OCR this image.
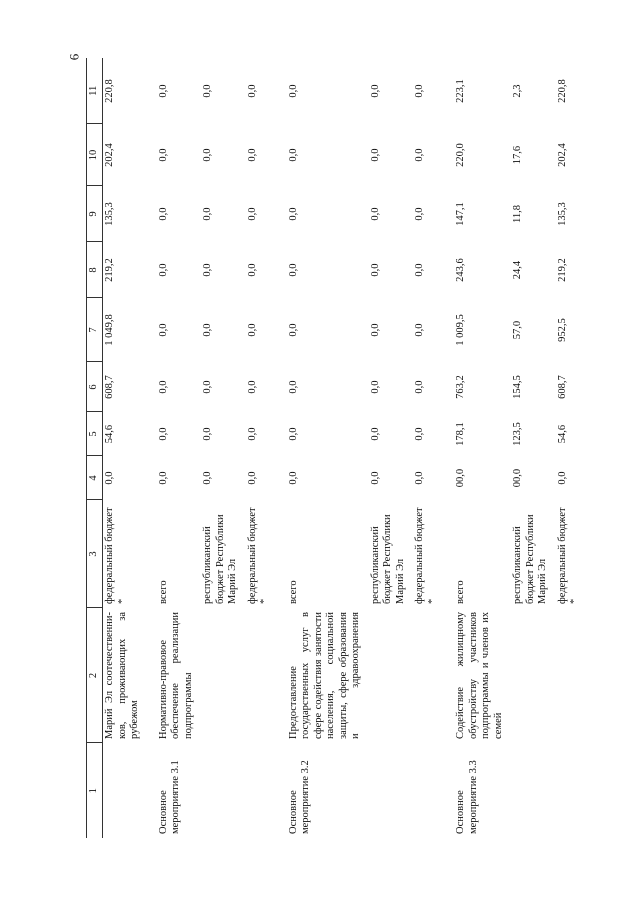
6
1	2	3	4	5	6	7	8	9	10	11

	Марий Эл соотечественни-ков, проживающих за рубежом	федеральный бюджет *	0,0	54,6	608,7	1 049,8	219,2	135,3	202,4	220,8
Основное мероприятие 3.1	Нормативно-правовое обеспечение реализации подпрограммы	всего	0,0	0,0	0,0	0,0	0,0	0,0	0,0	0,0
		республиканский бюджет Республики Марий Эл	0,0	0,0	0,0	0,0	0,0	0,0	0,0	0,0
		федеральный бюджет *	0,0	0,0	0,0	0,0	0,0	0,0	0,0	0,0
Основное мероприятие 3.2	Предоставление государственных услуг в сфере содействия занятости населения, социальной защиты, сфере образования и здравоохранения	всего	0,0	0,0	0,0	0,0	0,0	0,0	0,0	0,0
		республиканский бюджет Республики Марий Эл	0,0	0,0	0,0	0,0	0,0	0,0	0,0	0,0
		федеральный бюджет *	0,0	0,0	0,0	0,0	0,0	0,0	0,0	0,0
Основное мероприятие 3.3	Содействие жилищному обустройству участников подпрограммы и членов их семей	всего	00,0	178,1	763,2	1 009,5	243,6	147,1	220,0	223,1
		республиканский бюджет Республики Марий Эл	00,0	123,5	154,5	57,0	24,4	11,8	17,6	2,3
		федеральный бюджет *	0,0	54,6	608,7	952,5	219,2	135,3	202,4	220,8
